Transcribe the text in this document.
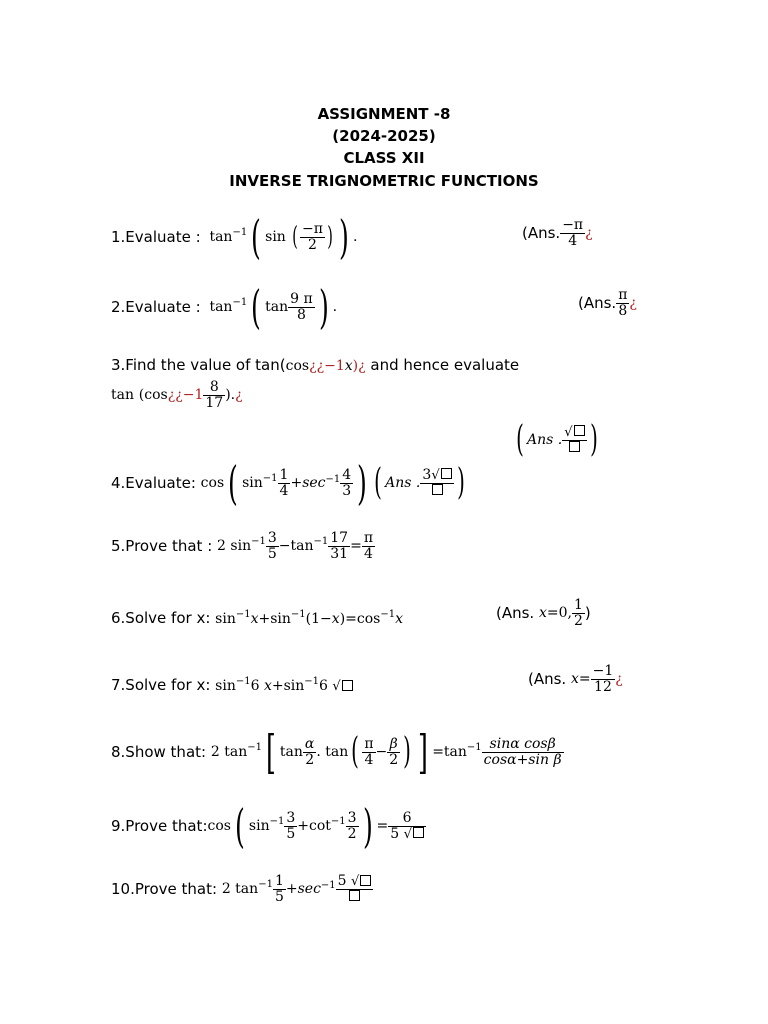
ASSIGNMENT -8
(2024-2025)
CLASS XII
INVERSE TRIGNOMETRIC FUNCTIONS
1.Evaluate : $\tan^{-1}$( sin ( $\frac{-\pi}{2}$ ) ) .	(Ans. $\frac{-\pi}{4}$ ¿
2.Evaluate : $\tan^{-1}$( $\tan \frac{9 \pi}{8}$ ) .	(Ans. $\frac{\pi}{8}$ ¿
3.Find the value of tan(cos¿¿−1x)¿ and hence evaluate
tan (cos¿¿−1 $\frac{8}{17}$ ).¿
( Ans . √ )
4.Evaluate: cos( $\sin^{-1} \frac{1}{4} +\sec^{-1} \frac{4}{3}$ ) ( Ans .
3√ )
5.Prove that : 2 $\sin^{-1} \frac{3}{5} -\tan^{-1} \frac{17}{31} = \frac{\pi}{4}$
6.Solve for x: $\sin^{-1}x+\sin^{-1}(1-x)=\cos^{-1}x$	(Ans. x=0, $\frac{1}{2}$ )
7.Solve for x: $\sin^{-1}6$ $x+\sin^{-1}6$ √	(Ans. $x= \frac{-1}{12}$ ¿
8.Show that: 2 $\tan^{-1}$[ $\tan \frac{\alpha}{2}$ . $\tan( \frac{\pi}{4} - \frac{\beta}{2}$ ) ] $=\tan^{-1} \frac{\text{sinα cosβ}}{\text{cosα+sin β}}$
9.Prove that:cos( $\sin^{-1} \frac{3}{5} +\cot^{-1} \frac{3}{2}$ ) = $\frac{6}{5 √}$
10.Prove that: 2 $\tan^{-1} \frac{1}{5} +\sec^{-1}$ 5 √
